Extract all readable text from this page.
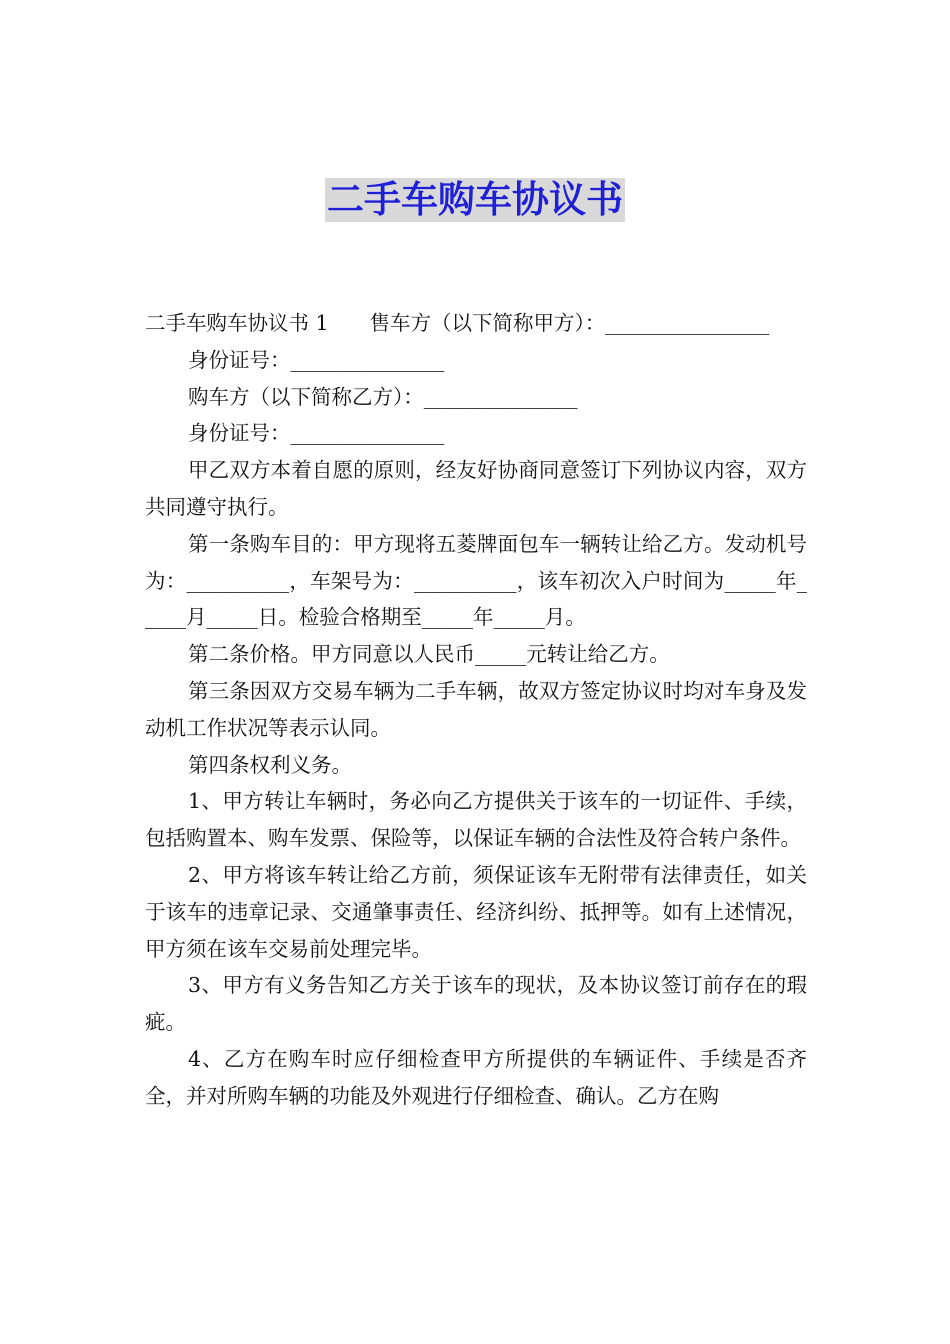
二手车购车协议书

二手车购车协议书 1　　售车方（以下简称甲方）：________________

身份证号：_______________

购车方（以下简称乙方）：_______________

身份证号：_______________

甲乙双方本着自愿的原则，经友好协商同意签订下列协议内容，双方共同遵守执行。

第一条购车目的：甲方现将五菱牌面包车一辆转让给乙方。发动机号为：__________，车架号为：__________，该车初次入户时间为_____年_____月_____日。检验合格期至_____年_____月。

第二条价格。甲方同意以人民币_____元转让给乙方。

第三条因双方交易车辆为二手车辆，故双方签定协议时均对车身及发动机工作状况等表示认同。

第四条权利义务。

1、甲方转让车辆时，务必向乙方提供关于该车的一切证件、手续，包括购置本、购车发票、保险等，以保证车辆的合法性及符合转户条件。

2、甲方将该车转让给乙方前，须保证该车无附带有法律责任，如关于该车的违章记录、交通肇事责任、经济纠纷、抵押等。如有上述情况，甲方须在该车交易前处理完毕。

3、甲方有义务告知乙方关于该车的现状，及本协议签订前存在的瑕疵。

4、乙方在购车时应仔细检查甲方所提供的车辆证件、手续是否齐全，并对所购车辆的功能及外观进行仔细检查、确认。乙方在购
